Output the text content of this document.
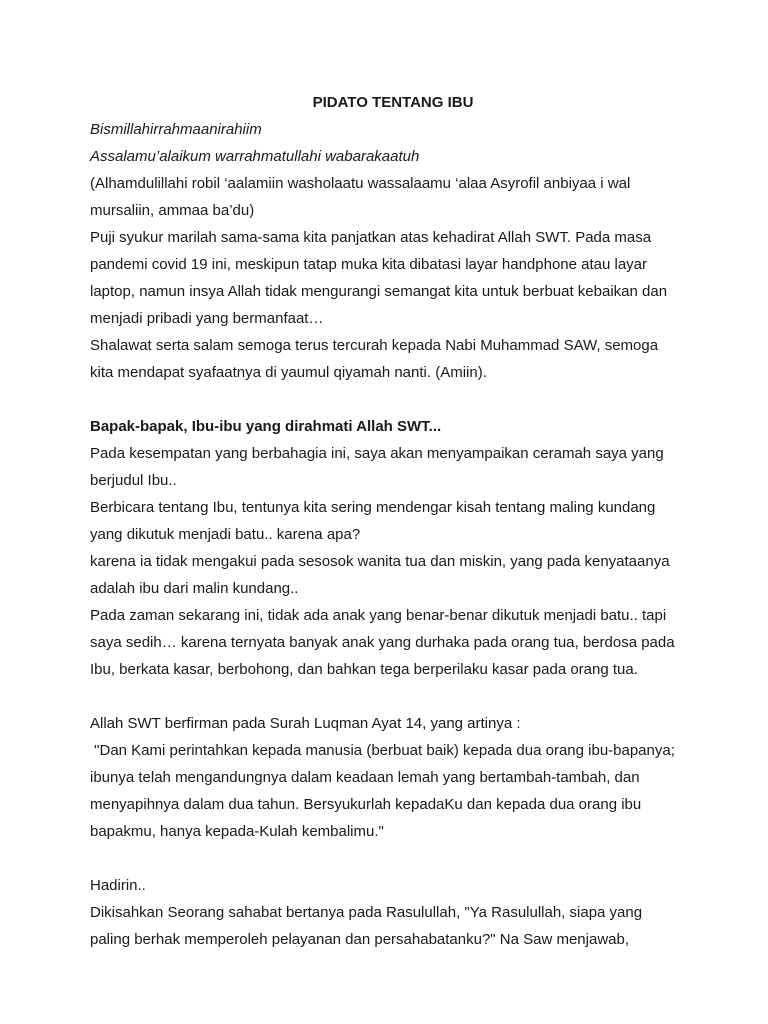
PIDATO TENTANG IBU
Bismillahirrahmaanirahiim
Assalamu’alaikum warrahmatullahi wabarakaatuh
(Alhamdulillahi robil ‘aalamiin washolaatu wassalaamu ‘alaa Asyrofil anbiyaa i wal
mursaliin, ammaa ba’du)
Puji syukur marilah sama-sama kita panjatkan atas kehadirat Allah SWT. Pada masa
pandemi covid 19 ini, meskipun tatap muka kita dibatasi layar handphone atau layar
laptop, namun insya Allah tidak mengurangi semangat kita untuk berbuat kebaikan dan
menjadi pribadi yang bermanfaat…
Shalawat serta salam semoga terus tercurah kepada Nabi Muhammad SAW, semoga
kita mendapat syafaatnya di yaumul qiyamah nanti. (Amiin).
Bapak-bapak, Ibu-ibu yang dirahmati Allah SWT...
Pada kesempatan yang berbahagia ini, saya akan menyampaikan ceramah saya yang
berjudul Ibu..
Berbicara tentang Ibu, tentunya kita sering mendengar kisah tentang maling kundang
yang dikutuk menjadi batu.. karena apa?
karena ia tidak mengakui pada sesosok wanita tua dan miskin, yang pada kenyataanya
adalah ibu dari malin kundang..
Pada zaman sekarang ini, tidak ada anak yang benar-benar dikutuk menjadi batu.. tapi
saya sedih… karena ternyata banyak anak yang durhaka pada orang tua, berdosa pada
Ibu, berkata kasar, berbohong, dan bahkan tega berperilaku kasar pada orang tua.
Allah SWT berfirman pada Surah Luqman Ayat 14, yang artinya :
"Dan Kami perintahkan kepada manusia (berbuat baik) kepada dua orang ibu-bapanya;
ibunya telah mengandungnya dalam keadaan lemah yang bertambah-tambah, dan
menyapihnya dalam dua tahun. Bersyukurlah kepadaKu dan kepada dua orang ibu
bapakmu, hanya kepada-Kulah kembalimu."
Hadirin..
Dikisahkan Seorang sahabat bertanya pada Rasulullah, "Ya Rasulullah, siapa yang
paling berhak memperoleh pelayanan dan persahabatanku?" Na Saw menjawab,
